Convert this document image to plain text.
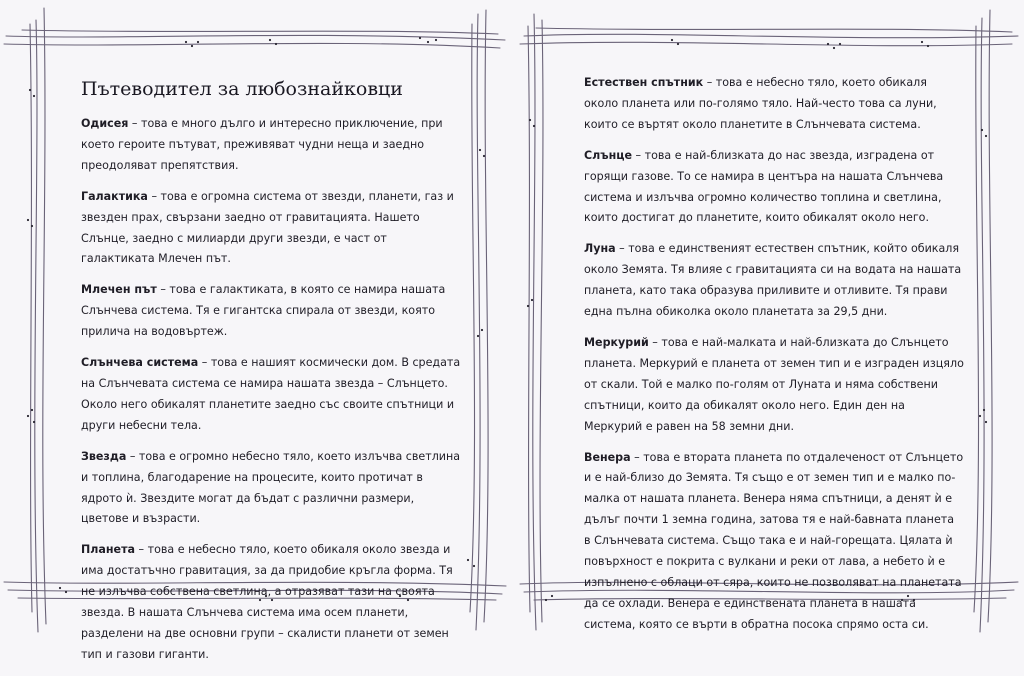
Пътеводител за любознайковци

Одисея – това е много дълго и интересно приключение, при което героите пътуват, преживяват чудни неща и заедно преодоляват препятствия.

Галактика – това е огромна система от звезди, планети, газ и звезден прах, свързани заедно от гравитацията. Нашето Слънце, заедно с милиарди други звезди, е част от галактиката Млечен път.

Млечен път – това е галактиката, в която се намира нашата Слънчева система. Тя е гигантска спирала от звезди, която прилича на водовъртеж.

Слънчева система – това е нашият космически дом. В средата на Слънчевата система се намира нашата звезда – Слънцето. Около него обикалят планетите заедно със своите спътници и други небесни тела.

Звезда – това е огромно небесно тяло, което излъчва светлина и топлина, благодарение на процесите, които протичат в ядрото ѝ. Звездите могат да бъдат с различни размери, цветове и възрасти.

Планета – това е небесно тяло, което обикаля около звезда и има достатъчно гравитация, за да придобие кръгла форма. Тя не излъчва собствена светлина, а отразяват тази на своята звезда. В нашата Слънчева система има осем планети, разделени на две основни групи – скалисти планети от земен тип и газови гиганти.

Естествен спътник – това е небесно тяло, което обикаля около планета или по-голямо тяло. Най-често това са луни, които се въртят около планетите в Слънчевата система.

Слънце – това е най-близката до нас звезда, изградена от горящи газове. То се намира в центъра на нашата Слънчева система и излъчва огромно количество топлина и светлина, които достигат до планетите, които обикалят около него.

Луна – това е единственият естествен спътник, който обикаля около Земята. Тя влияе с гравитацията си на водата на нашата планета, като така образува приливите и отливите. Тя прави една пълна обиколка около планетата за 29,5 дни.

Меркурий – това е най-малката и най-близката до Слънцето планета. Меркурий е планета от земен тип и е изграден изцяло от скали. Той е малко по-голям от Луната и няма собствени спътници, които да обикалят около него. Един ден на Меркурий е равен на 58 земни дни.

Венера – това е втората планета по отдалеченост от Слънцето и е най-близо до Земята. Тя също е от земен тип и е малко по-малка от нашата планета. Венера няма спътници, а денят ѝ е дълъг почти 1 земна година, затова тя е най-бавната планета в Слънчевата система. Също така е и най-горещата. Цялата ѝ повърхност е покрита с вулкани и реки от лава, а небето ѝ е изпълнено с облаци от сяра, които не позволяват на планетата да се охлади. Венера е единствената планета в нашата система, която се върти в обратна посока спрямо оста си.
